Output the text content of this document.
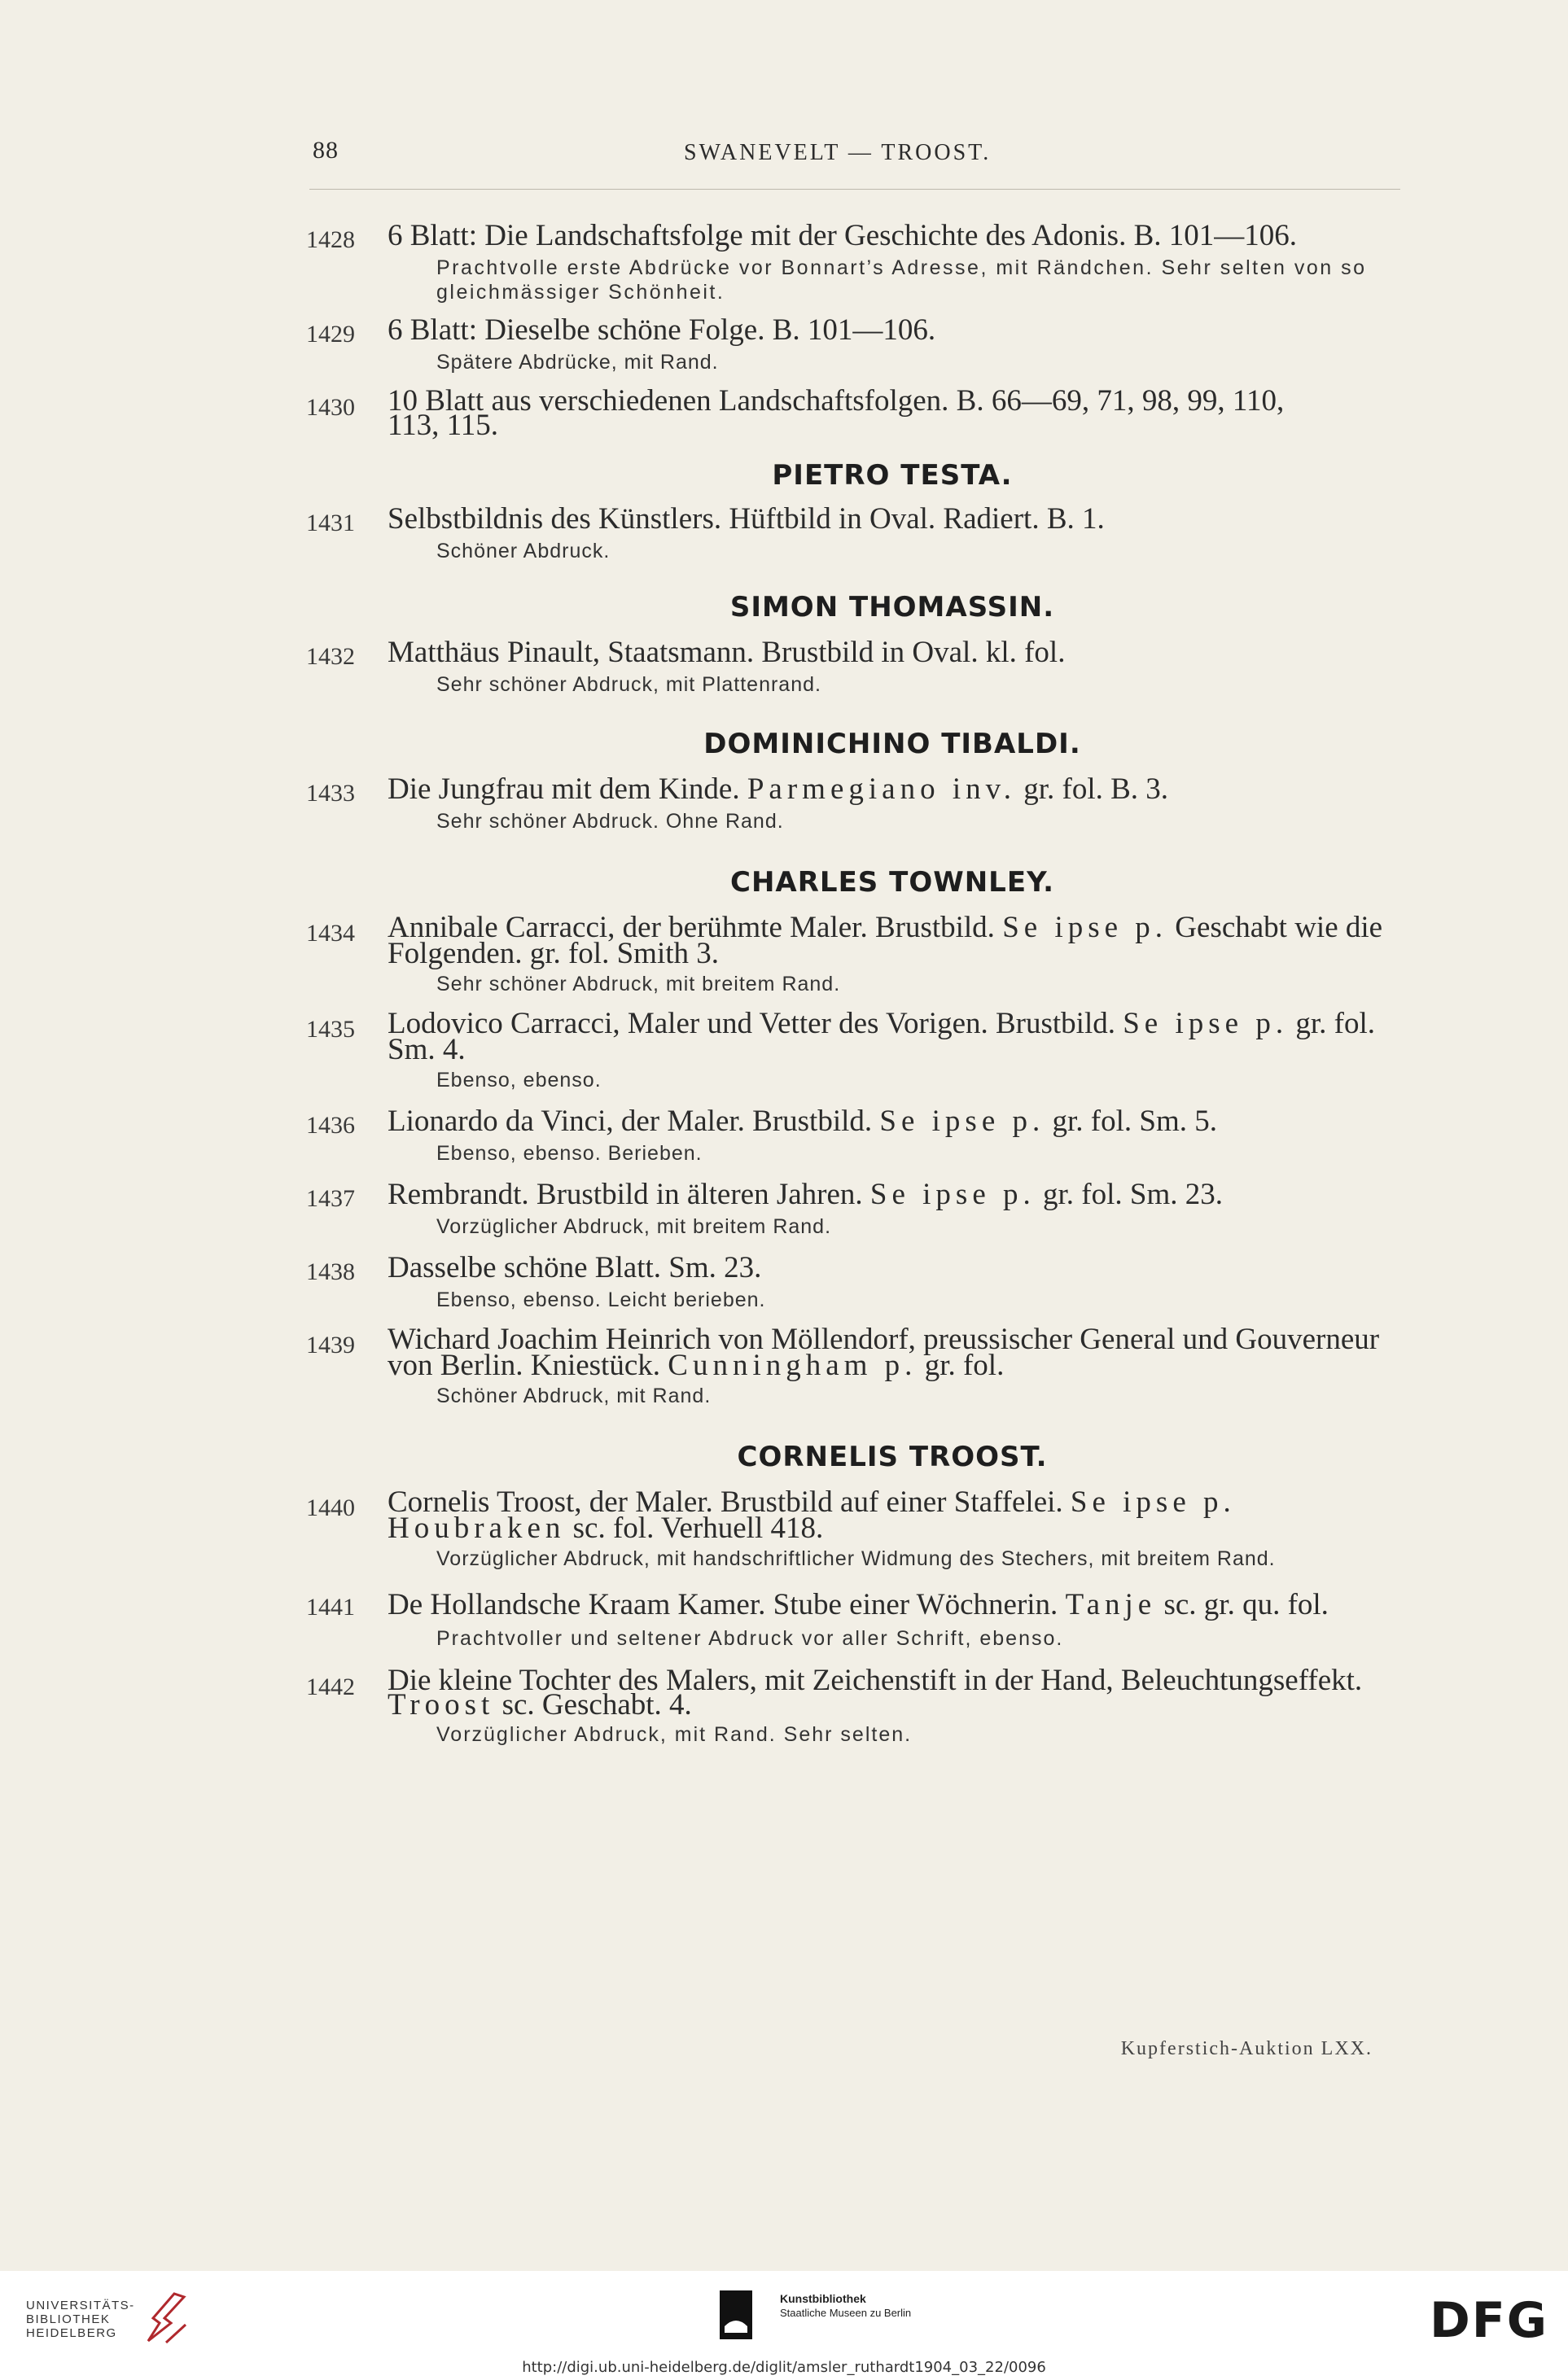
88	SWANEVELT — TROOST.
1428 6 Blatt: Die Landschaftsfolge mit der Geschichte des Adonis. B. 101—106.
Prachtvolle erste Abdrücke vor Bonnart’s Adresse, mit Rändchen. Sehr selten von so gleichmässiger Schönheit.
1429 6 Blatt: Dieselbe schöne Folge. B. 101—106.
Spätere Abdrücke, mit Rand.
1430 10 Blatt aus verschiedenen Landschaftsfolgen. B. 66—69, 71, 98, 99, 110, 113, 115.
PIETRO TESTA.
1431 Selbstbildnis des Künstlers. Hüftbild in Oval. Radiert. B. 1.
Schöner Abdruck.
SIMON THOMASSIN.
1432 Matthäus Pinault, Staatsmann. Brustbild in Oval. kl. fol.
Sehr schöner Abdruck, mit Plattenrand.
DOMINICHINO TIBALDI.
1433 Die Jungfrau mit dem Kinde. Parmegiano inv. gr. fol. B. 3.
Sehr schöner Abdruck. Ohne Rand.
CHARLES TOWNLEY.
1434 Annibale Carracci, der berühmte Maler. Brustbild. Se ipse p. Geschabt wie die Folgenden. gr. fol. Smith 3.
Sehr schöner Abdruck, mit breitem Rand.
1435 Lodovico Carracci, Maler und Vetter des Vorigen. Brustbild. Se ipse p. gr. fol. Sm. 4.
Ebenso, ebenso.
1436 Lionardo da Vinci, der Maler. Brustbild. Se ipse p. gr. fol. Sm. 5.
Ebenso, ebenso. Berieben.
1437 Rembrandt. Brustbild in älteren Jahren. Se ipse p. gr. fol. Sm. 23.
Vorzüglicher Abdruck, mit breitem Rand.
1438 Dasselbe schöne Blatt. Sm. 23.
Ebenso, ebenso. Leicht berieben.
1439 Wichard Joachim Heinrich von Möllendorf, preussischer General und Gouverneur von Berlin. Kniestück. Cunningham p. gr. fol.
Schöner Abdruck, mit Rand.
CORNELIS TROOST.
1440 Cornelis Troost, der Maler. Brustbild auf einer Staffelei. Se ipse p. Houbraken sc. fol. Verhuell 418.
Vorzüglicher Abdruck, mit handschriftlicher Widmung des Stechers, mit breitem Rand.
1441 De Hollandsche Kraam Kamer. Stube einer Wöchnerin. Tanje sc. gr. qu. fol.
Prachtvoller und seltener Abdruck vor aller Schrift, ebenso.
1442 Die kleine Tochter des Malers, mit Zeichenstift in der Hand, Beleuchtungseffekt. Troost sc. Geschabt. 4.
Vorzüglicher Abdruck, mit Rand. Sehr selten.
Kupferstich-Auktion LXX.
UNIVERSITÄTS-
BIBLIOTHEK
HEIDELBERG
Kunstbibliothek
Staatliche Museen zu Berlin	DFG
http://digi.ub.uni-heidelberg.de/diglit/amsler_ruthardt1904_03_22/0096
